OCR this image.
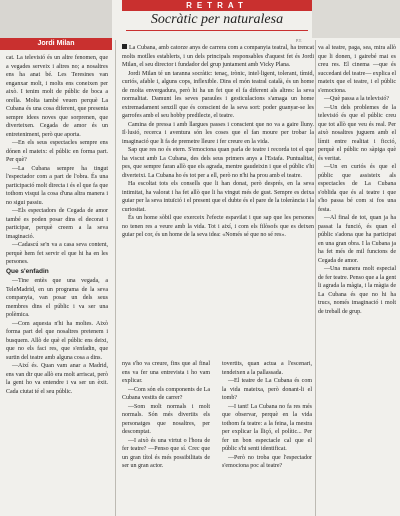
RETRAT
Socràtic per naturalesa
P.T.
Jordi Milan

cat. La televisió és un altre fenomen, que a vegades serveix i altres no; a nosaltres ens ha anat bé. Les Teresines van enganxar molt, i molts ens coneixen per això. I tenim molt de públic de boca a orella. Molta també veuen perquè La Cubana és una cosa diferent, que presenta sempre idees noves que sorprenen, que diverteixen. Cegada de amor és un entreteniment, però que aporta.

—En els seus espectacles sempre ens dónen el mateix: el públic en forma part. Per què?

—La Cubana sempre ha tingut l'espectador com a part de l'obra. És una participació molt directa i és el que fa que tothom visqui la cosa d'una altra manera i no sigui passiu.

—Els espectadors de Cegada de amor també es poden posar dins el decorat i participar, perquè creem a la seva imaginació.

—Cadascú se'n va a casa seva content, perquè hem fet servir el que hi ha en les persones.

Que s'enfadin

—Tine entès que una vegada, a TeleMadrid, en un programa de la seva companyia, van posar un dels seus membres dins el públic i va ser una polèmica.

—Com aquesta n'hi ha moltes. Això forma part del que nosaltres pretenem i busquem. Allò de què el públic ens deixi, que no els faci res, que s'enfadin, que surtin del teatre amb alguna cosa a dins.

—Així és. Quan vam anar a Madrid, ens van dir que allò era molt arriscat, però la gent ho va entendre i va ser un èxit. Cada ciutat té el seu públic.

La Cubana, amb catorze anys de carrera com a companyia teatral, ha trencat molts motlles establerts, i un dels principals responsables d'aquest fet és Jordi Milan, el seu director i fundador del grup juntament amb Vicky Plana.

Jordi Milan té un taranna socràtic: tenaç, irònic, intel·ligent, tolerant, tímid, curiós, afable i, alguns cops, inflexible. Dins el món teatral català, és un home de molta envergadura, però hi ha un fet que el fa diferent als altres: la seva normalitat. Damunt les seves paraules i gesticulacions s'amaga un home extremadament senzill que és conscient de la seva sort: poder guanyar-se les garrofes amb el seu hobby predilecte, el teatre.

Camina de pressa i amb llargues passes i conscient que no va a gaire lluny. Il·lusió, recerca i aventura són les coses que el fan moure per trobar la imaginació que li fa de premetre lleure i fer creure en la vida.

Sap que res no és etern. S'emociona quan parla de teatre i recorda tot el que ha viscut amb La Cubana, des dels seus primers anys a l'Estafa. Puntualitat, pes, que sempre faran allò que els agrada, mentre gaudeixin i que el públic s'hi diverteixi. La Cubana ho és tot per a ell, però no n'hi ha prou amb el teatre.

Ha escoltat tots els consells que li han donat, però després, en la seva intimitat, ha valorat i ha fet allò que li ha vingut més de gust. Sempre es deixa guiar per la seva intuïció i el present que el dubte és el pare de la tolerància i la curiositat.

És un home sòbil que exerceix l'efecte espavilat i que sap que les persones no tenen res a veure amb la vida. Tot i així, i com els filòsofs que es deixen guiar pel cor, és un home de la seva idea: «Només sé que no sé res».

nya s'ho va creure, fins que al final ens va fer una entrevista i ho vam explicar.

—Com són els components de La Cubana vestits de carrer?

—Som molt normals i molt normals. Són més divertits els personatges que nosaltres, per descomptat.

—I això és una virtut o l'hora de fer teatre? —Penso que sí. Crec que un gran títol és més possibilitats de ser un gran actor.

tovertits, quan actua a l'escenari, tendeixen a la pallassada.

—El teatre de La Cubana és com la vida mateixa, però donant-li el tomb?

—I tant! La Cubana no fa res més que observar, perquè en la vida tothom fa teatre: a la feina, la mestra per explicar la lliçó, el polític... Per fer un bon espectacle cal que el públic s'hi senti identificat.

—Però no troba que l'espectador s'emociona poc al teatre?

va al teatre, paga, sea, mira allò que li donen, i gairebé mai es creu res. El cinema —que és succedani del teatre— explica el mateix que el teatre, i el públic s'emociona.

—Què passa a la televisió?

—Un dels problemes de la televisió és que el públic creu que tot allò que veu és real. Per això nosaltres juguem amb el límit entre realitat i ficció, perquè el públic no sàpiga què és veritat.

—Un en curiós és que el públic que assisteix als espectacles de La Cubana s'oblida que és al teatre i que s'ho passa bé com si fos una festa.

—Al final de tot, quan ja ha passat la funció, és quan el públic s'adona que ha participat en una gran obra. I la Cubana ja ha fet més de mil funcions de Cegada de amor.

—Una manera molt especial de fer teatre. Penso que a la gent li agrada la màgia, i la màgia de La Cubana és que no hi ha trucs, només imaginació i molt de treball de grup.
